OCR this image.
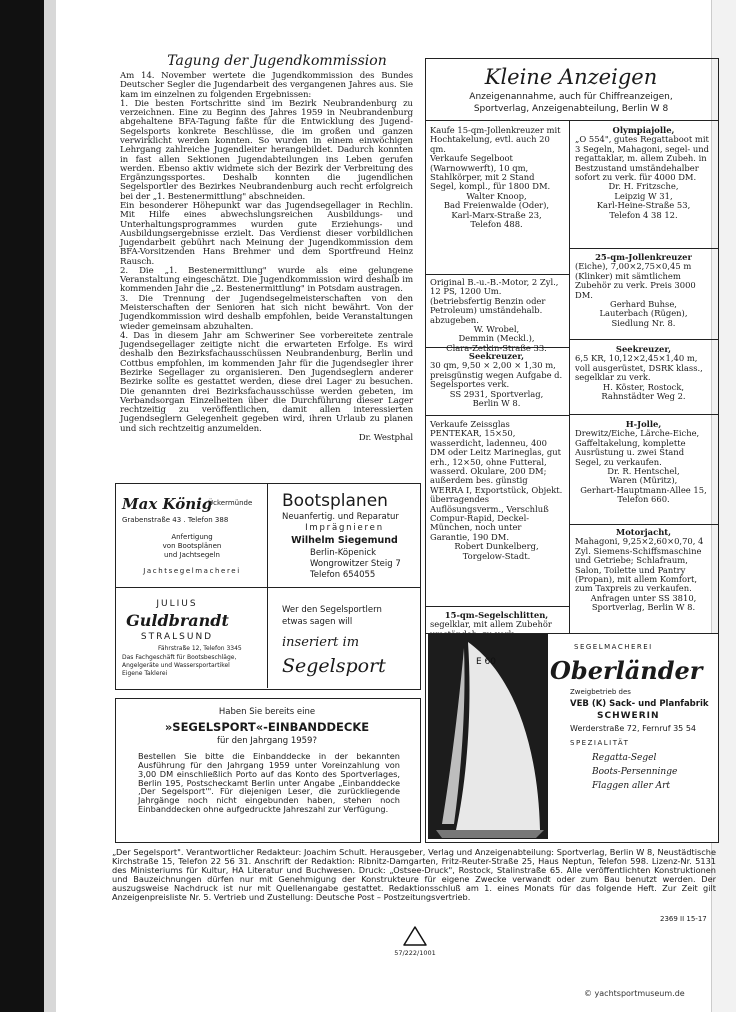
Tagung der Jugendkommission

Am 14. November wertete die Jugendkommission des Bundes Deutscher Segler die Jugendarbeit des vergangenen Jahres aus. Sie kam im einzelnen zu folgenden Ergebnissen:

1. Die besten Fortschritte sind im Bezirk Neubrandenburg zu verzeichnen. Eine zu Beginn des Jahres 1959 in Neubrandenburg abgehaltene BFA-Tagung faßte für die Entwicklung des Jugend-Segelsports konkrete Beschlüsse, die im großen und ganzen verwirklicht werden konnten. So wurden in einem einwöchigen Lehrgang zahlreiche Jugendleiter herangebildet. Dadurch konnten in fast allen Sektionen Jugendabteilungen ins Leben gerufen werden. Ebenso aktiv widmete sich der Bezirk der Verbreitung des Ergänzungssportes. Deshalb konnten die jugendlichen Segelsportler des Bezirkes Neubrandenburg auch recht erfolgreich bei der „1. Bestenermittlung" abschneiden.

Ein besonderer Höhepunkt war das Jugendsegellager in Rechlin. Mit Hilfe eines abwechslungsreichen Ausbildungs- und Unterhaltungsprogrammes wurden gute Erziehungs- und Ausbildungsergebnisse erzielt. Das Verdienst dieser vorbildlichen Jugendarbeit gebührt nach Meinung der Jugendkommission dem BFA-Vorsitzenden Hans Brehmer und dem Sportfreund Heinz Rausch.

2. Die „1. Bestenermittlung" wurde als eine gelungene Veranstaltung eingeschätzt. Die Jugendkommission wird deshalb im kommenden Jahr die „2. Bestenermittlung" in Potsdam austragen.

3. Die Trennung der Jugendsegelmeisterschaften von den Meisterschaften der Senioren hat sich nicht bewährt. Von der Jugendkommission wird deshalb empfohlen, beide Veranstaltungen wieder gemeinsam abzuhalten.

4. Das in diesem Jahr am Schweriner See vorbereitete zentrale Jugendsegellager zeitigte nicht die erwarteten Erfolge. Es wird deshalb den Bezirksfachausschüssen Neubrandenburg, Berlin und Cottbus empfohlen, im kommenden Jahr für die Jugendsegler ihrer Bezirke Segellager zu organisieren. Den Jugendseglern anderer Bezirke sollte es gestattet werden, diese drei Lager zu besuchen. Die genannten drei Bezirksfachausschüsse werden gebeten, im Verbandsorgan Einzelheiten über die Durchführung dieser Lager rechtzeitig zu veröffentlichen, damit allen interessierten Jugendseglern Gelegenheit gegeben wird, ihren Urlaub zu planen und sich rechtzeitig anzumelden.

Dr. Westphal

Kleine Anzeigen
Anzeigenannahme, auch für Chiffreanzeigen,
Sportverlag, Anzeigenabteilung, Berlin W 8

Kaufe 15-qm-Jollenkreuzer mit Hochtakelung, evtl. auch 20 qm.

Verkaufe Segelboot (Warnowwerft), 10 qm, Stahlkörper, mit 2 Stand Segel, kompl., für 1800 DM.

Walter Knoop,

Bad Freienwalde (Oder),

Karl-Marx-Straße 23,

Telefon 488.

Original B.-u.-B.-Motor, 2 Zyl., 12 PS, 1200 Um. (betriebsfertig Benzin oder Petroleum) umständehalb. abzugeben.

W. Wrobel,

Demmin (Meckl.),

Seekreuzer,

30 qm, 9,50 × 2,00 × 1,30 m, preisgünstig wegen Aufgabe d. Segelsportes verk.

SS 2931, Sportverlag,

Berlin W 8.

Verkaufe Zeissglas PENTEKAR, 15×50, wasserdicht, ladenneu, 400 DM oder Leitz Marineglas, gut erh., 12×50, ohne Futteral, wasserd. Okulare, 200 DM; außerdem bes. günstig WERRA I, Exportstück, Objekt. überragendes Auflösungsverm., Verschluß Compur-Rapid, Deckel-München, noch unter Garantie, 190 DM.

Robert Dunkelberg,

Torgelow-Stadt.

15-qm-Segelschlitten,

segelklar, mit allem Zubehör

Olympiajolle,

„O 554", gutes Regattaboot mit 3 Segeln, Mahagoni, segel- und regattaklar, m. allem Zubeh. in Bestzustand umständehalber sofort zu verk. für 4000 DM.

Dr. H. Fritzsche,

Leipzig W 31,

Karl-Heine-Straße 53,

Telefon 4 38 12.

25-qm-Jollenkreuzer

(Eiche), 7,00×2,75×0,45 m (Klinker) mit sämtlichem Zubehör zu verk. Preis 3000 DM.

Gerhard Buhse,

Lauterbach (Rügen),

Siedlung Nr. 8.

Seekreuzer,

6,5 KR, 10,12×2,45×1,40 m, voll ausgerüstet, DSRK klass., segelklar zu verk.

H. Köster, Rostock,

Rahnstädter Weg 2.

H-Jolle,

Drewitz/Eiche, Lärche-Eiche, Gaffeltakelung, komplette Ausrüstung u. zwei Stand Segel, zu verkaufen.

Dr. R. Hentschel,

Waren (Müritz),

Gerhart-Hauptmann-Allee 15, Telefon 660.

Motorjacht,

Mahagoni, 9,25×2,60×0,70, 4 Zyl. Siemens-Schiffsmaschine und Getriebe; Schlafraum, Salon, Toilette und Pantry (Propan), mit allem Komfort, zum Taxpreis zu verkaufen.

Anfragen unter SS 3810, Sportverlag, Berlin W 8.

Max König
Ückermünde
Grabenstraße 43 . Telefon 388
Anfertigung
von Bootsplänen
und Jachtsegeln
Jachtsegelmacherei
Bootsplanen
Neuanfertig. und Reparatur
Imprägnieren
Wilhelm Siegemund
Berlin-Köpenick
Wongrowitzer Steig 7
Telefon 654055
JULIUS
Guldbrandt
STRALSUND
Fährstraße 12, Telefon 3345
Das Fachgeschäft für Bootsbeschläge,
Angelgeräte und Wassersportartikel
Eigene Taklerei
Wer den Segelsportlern
etwas sagen will
inseriert im
Segelsport
Haben Sie bereits eine
»SEGELSPORT«-EINBANDDECKE
für den Jahrgang 1959?
Bestellen Sie bitte die Einbanddecke in der bekannten Ausführung für den Jahrgang 1959 unter Voreinzahlung von 3,00 DM einschließlich Porto auf das Konto des Sportverlages, Berlin 195, Postscheckamt Berlin unter Angabe „Einbanddecke ‚Der Segelsport'". Für diejenigen Leser, die zurückliegende Jahrgänge noch nicht eingebunden haben, stehen noch Einbanddecken ohne aufgedruckte Jahreszahl zur Verfügung.
E 60
SEGELMACHEREI
Oberländer
Zweigbetrieb des
VEB (K) Sack- und Planfabrik
SCHWERIN
Werderstraße 72, Fernruf 35 54
SPEZIALITÄT
Regatta-Segel
Boots-Persenninge
Flaggen aller Art
„Der Segelsport". Verantwortlicher Redakteur: Joachim Schult. Herausgeber, Verlag und Anzeigenabteilung: Sportverlag, Berlin W 8, Neustädtische Kirchstraße 15, Telefon 22 56 31. Anschrift der Redaktion: Ribnitz-Damgarten, Fritz-Reuter-Straße 25, Haus Neptun, Telefon 598. Lizenz-Nr. 5131 des Ministeriums für Kultur, HA Literatur und Buchwesen. Druck: „Ostsee-Druck", Rostock, Stalinstraße 65. Alle veröffentlichten Konstruktionen und Bauzeichnungen dürfen nur mit Genehmigung der Konstrukteure für eigene Zwecke verwandt oder zum Bau benutzt werden. Der auszugsweise Nachdruck ist nur mit Quellenangabe gestattet. Redaktionsschluß am 1. eines Monats für das folgende Heft. Zur Zeit gilt Anzeigenpreisliste Nr. 5. Vertrieb und Zustellung: Deutsche Post – Postzeitungsvertrieb.
2369 II 15-17
57/222/1001
© yachtsportmuseum.de
